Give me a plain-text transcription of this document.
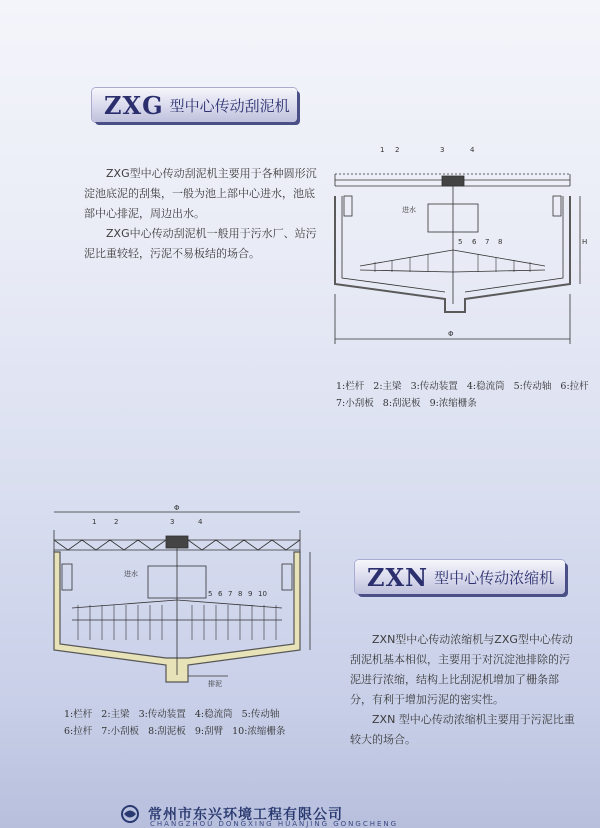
ZXG 型中心传动刮泥机

ZXG型中心传动刮泥机主要用于各种圆形沉淀池底泥的刮集，一般为池上部中心进水，池底部中心排泥，周边出水。

ZXG中心传动刮泥机一般用于污水厂、站污泥比重较轻，污泥不易板结的场合。

1 2	3	4
5 6 7 8
进水
H
Φ
1:栏杆 2:主梁 3:传动装置 4:稳流筒 5:传动轴 6:拉杆
7:小刮板 8:刮泥板 9:浓缩栅条
1	2	3	4
5 6 7 8 9 10
进水
排泥
Φ
ZXN 型中心传动浓缩机

ZXN型中心传动浓缩机与ZXG型中心传动刮泥机基本相似，主要用于对沉淀池排除的污泥进行浓缩，结构上比刮泥机增加了栅条部分，有利于增加污泥的密实性。

ZXN 型中心传动浓缩机主要用于污泥比重较大的场合。

1:栏杆 2:主梁 3:传动装置 4:稳流筒 5:传动轴
6:拉杆 7:小刮板 8:刮泥板 9:刮臂 10:浓缩栅条
常州市东兴环境工程有限公司
CHANGZHOU DONGXING HUANJING GONGCHENG
